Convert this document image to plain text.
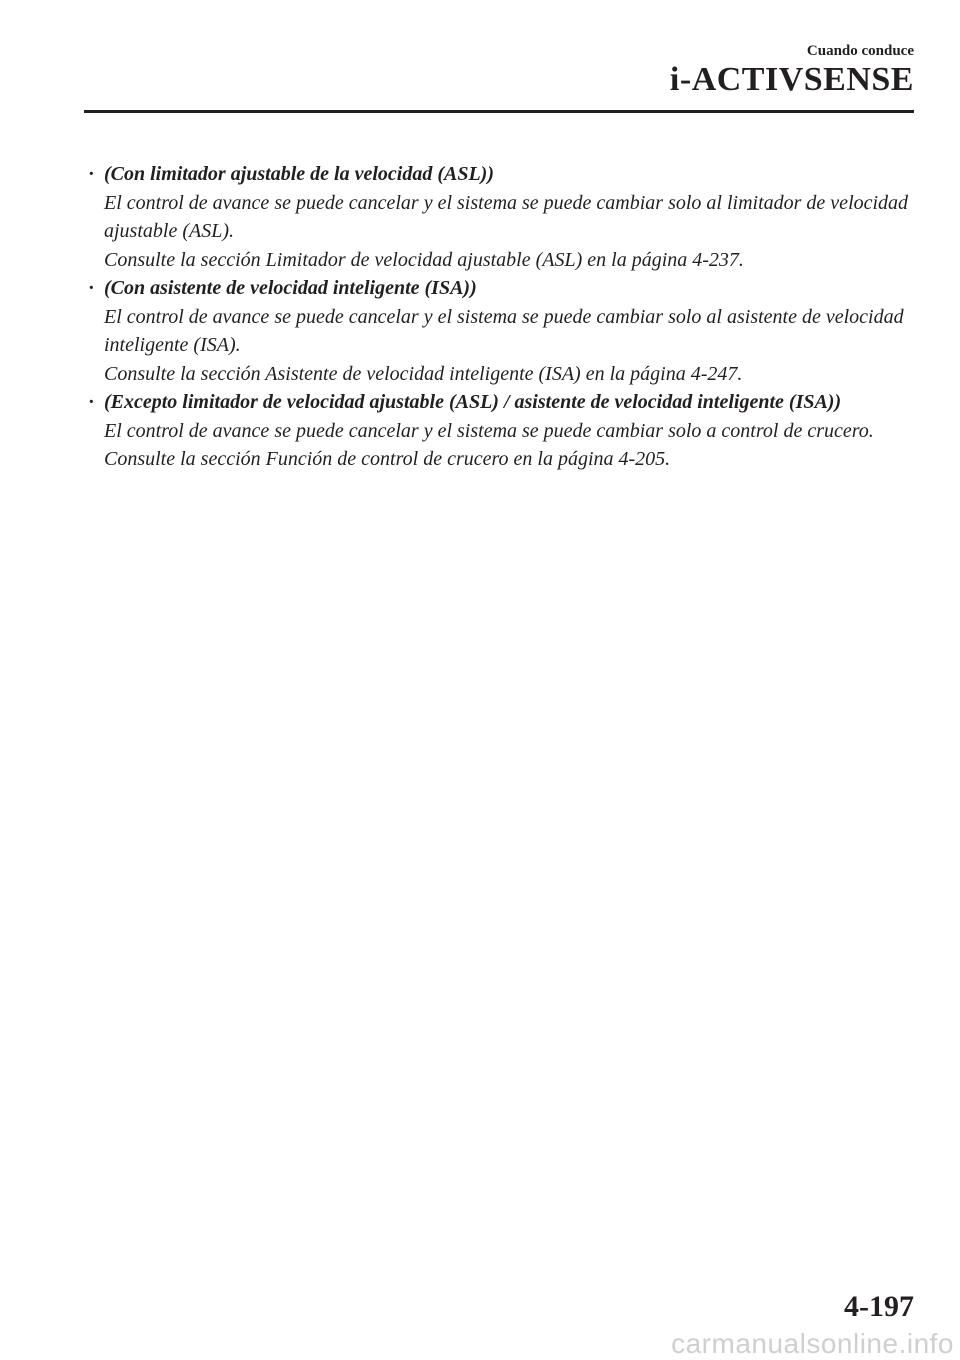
Cuando conduce
i-ACTIVSENSE
· (Con limitador ajustable de la velocidad (ASL))
El control de avance se puede cancelar y el sistema se puede cambiar solo al limitador de velocidad ajustable (ASL).
Consulte la sección Limitador de velocidad ajustable (ASL) en la página 4-237.
· (Con asistente de velocidad inteligente (ISA))
El control de avance se puede cancelar y el sistema se puede cambiar solo al asistente de velocidad inteligente (ISA).
Consulte la sección Asistente de velocidad inteligente (ISA) en la página 4-247.
· (Excepto limitador de velocidad ajustable (ASL) / asistente de velocidad inteligente (ISA))
El control de avance se puede cancelar y el sistema se puede cambiar solo a control de crucero.
Consulte la sección Función de control de crucero en la página 4-205.
4-197
carmanualsonline.info
